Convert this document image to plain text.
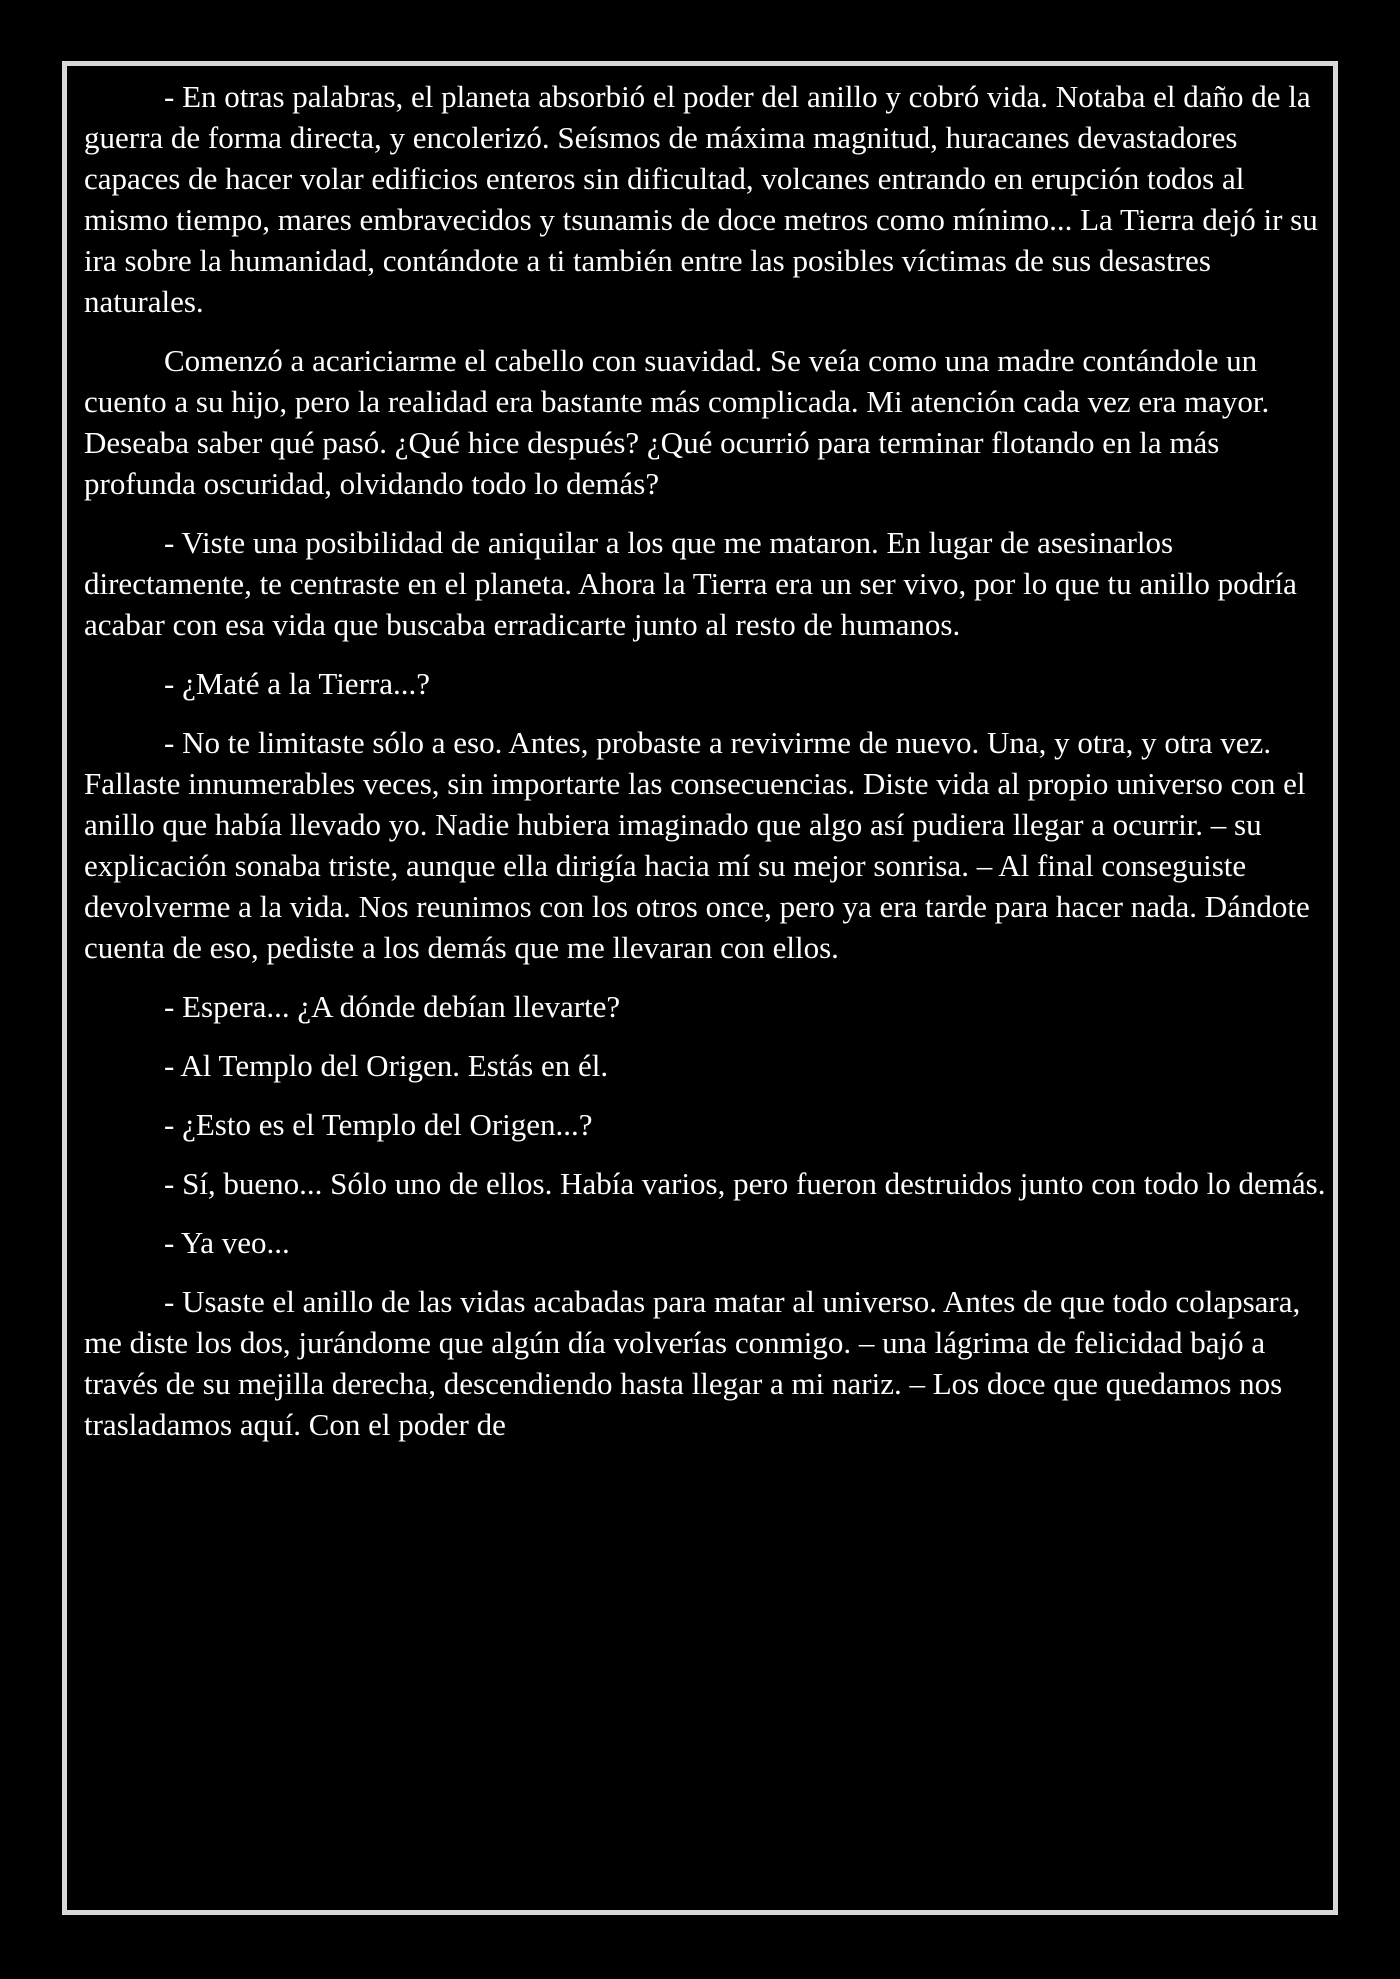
- En otras palabras, el planeta absorbió el poder del anillo y cobró vida. Notaba el daño de la guerra de forma directa, y encolerizó. Seísmos de máxima magnitud, huracanes devastadores capaces de hacer volar edificios enteros sin dificultad, volcanes entrando en erupción todos al mismo tiempo, mares embravecidos y tsunamis de doce metros como mínimo... La Tierra dejó ir su ira sobre la humanidad, contándote a ti también entre las posibles víctimas de sus desastres naturales.

Comenzó a acariciarme el cabello con suavidad. Se veía como una madre contándole un cuento a su hijo, pero la realidad era bastante más complicada. Mi atención cada vez era mayor. Deseaba saber qué pasó. ¿Qué hice después? ¿Qué ocurrió para terminar flotando en la más profunda oscuridad, olvidando todo lo demás?

- Viste una posibilidad de aniquilar a los que me mataron. En lugar de asesinarlos directamente, te centraste en el planeta. Ahora la Tierra era un ser vivo, por lo que tu anillo podría acabar con esa vida que buscaba erradicarte junto al resto de humanos.

- ¿Maté a la Tierra...?

- No te limitaste sólo a eso. Antes, probaste a revivirme de nuevo. Una, y otra, y otra vez. Fallaste innumerables veces, sin importarte las consecuencias. Diste vida al propio universo con el anillo que había llevado yo. Nadie hubiera imaginado que algo así pudiera llegar a ocurrir. – su explicación sonaba triste, aunque ella dirigía hacia mí su mejor sonrisa. – Al final conseguiste devolverme a la vida. Nos reunimos con los otros once, pero ya era tarde para hacer nada. Dándote cuenta de eso, pediste a los demás que me llevaran con ellos.

- Espera... ¿A dónde debían llevarte?

- Al Templo del Origen. Estás en él.

- ¿Esto es el Templo del Origen...?

- Sí, bueno... Sólo uno de ellos. Había varios, pero fueron destruidos junto con todo lo demás.

- Ya veo...

- Usaste el anillo de las vidas acabadas para matar al universo. Antes de que todo colapsara, me diste los dos, jurándome que algún día volverías conmigo. – una lágrima de felicidad bajó a través de su mejilla derecha, descendiendo hasta llegar a mi nariz. – Los doce que quedamos nos trasladamos aquí. Con el poder de
